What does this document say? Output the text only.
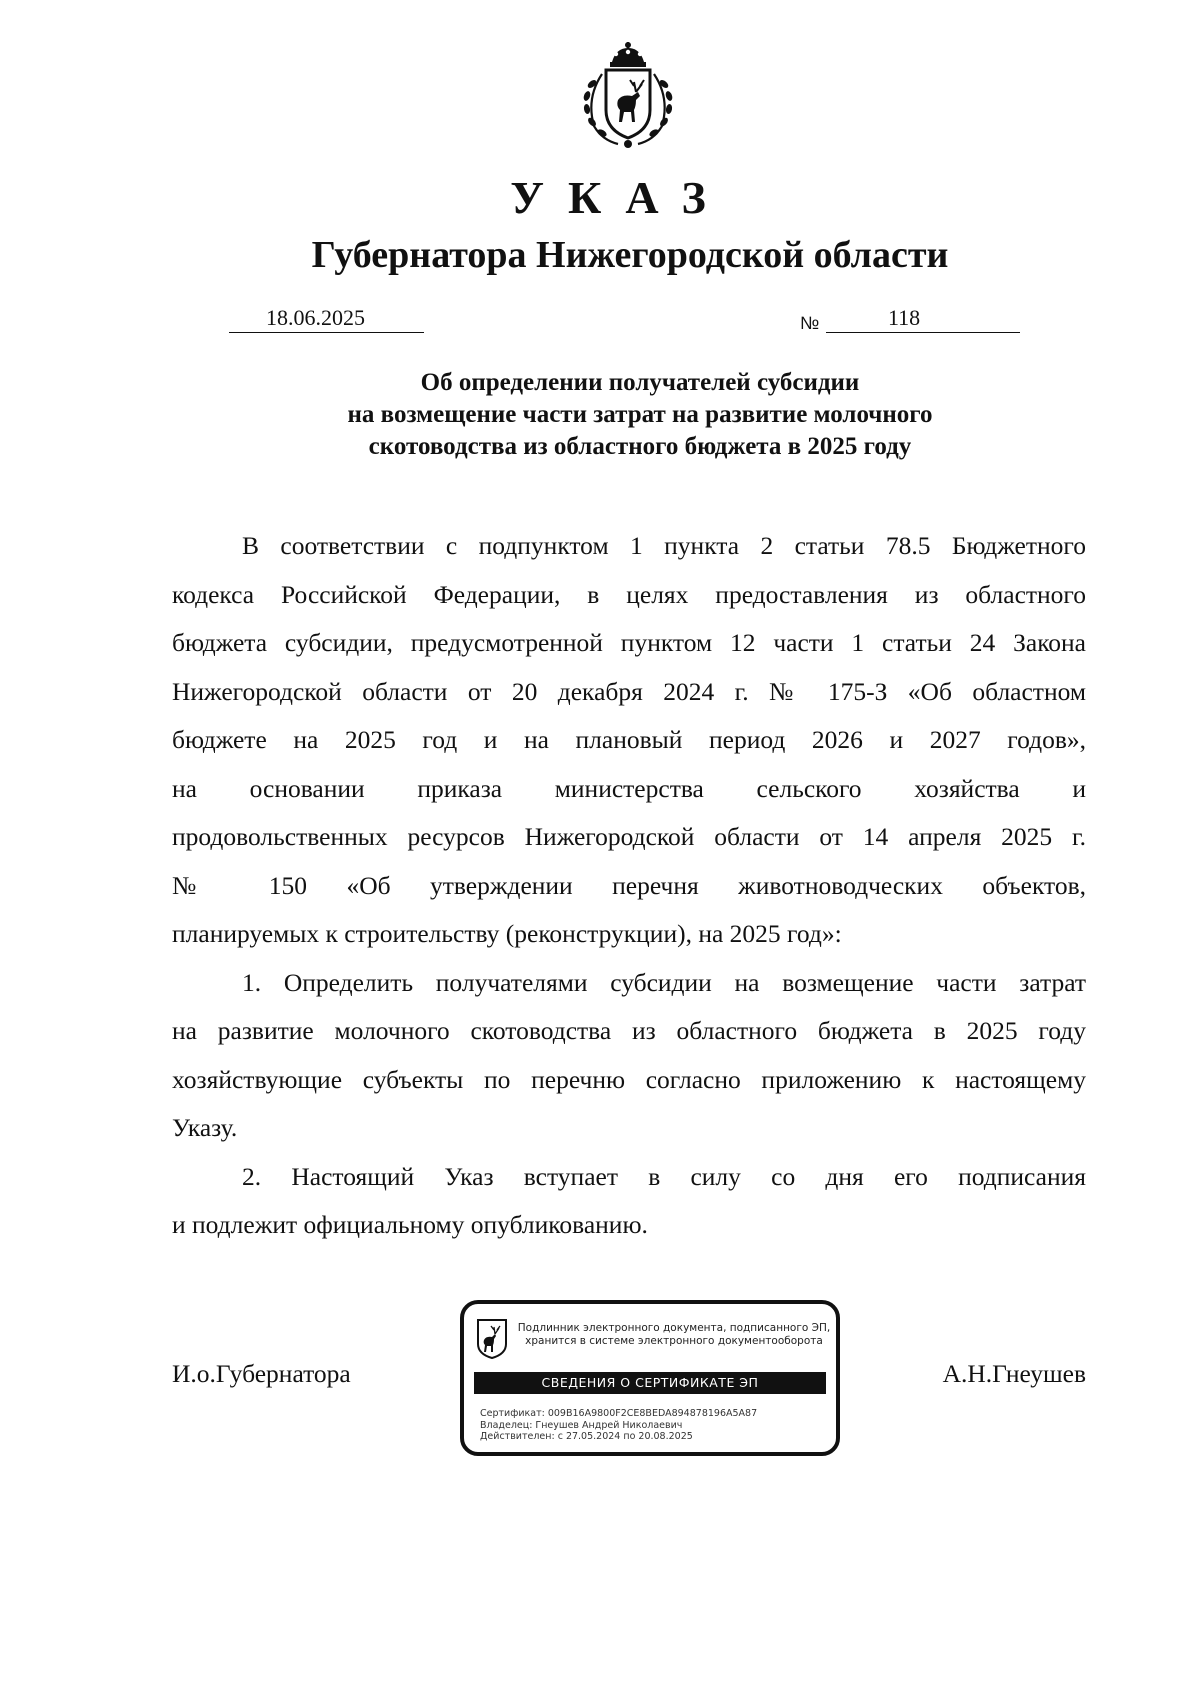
УКАЗ
Губернатора Нижегородской области
18.06.2025	№	118
Об определении получателей субсидии
на возмещение части затрат на развитие молочного
скотоводства из областного бюджета в 2025 году
В соответствии с подпунктом 1 пункта 2 статьи 78.5 Бюджетного
кодекса Российской Федерации, в целях предоставления из областного
бюджета субсидии, предусмотренной пунктом 12 части 1 статьи 24 Закона
Нижегородской области от 20 декабря 2024 г. № 175-З «Об областном
бюджете на 2025 год и на плановый период 2026 и 2027 годов»,
на основании приказа министерства сельского хозяйства и
продовольственных ресурсов Нижегородской области от 14 апреля 2025 г.
№ 150 «Об утверждении перечня животноводческих объектов,
планируемых к строительству (реконструкции), на 2025 год»:
1. Определить получателями субсидии на возмещение части затрат
на развитие молочного скотоводства из областного бюджета в 2025 году
хозяйствующие субъекты по перечню согласно приложению к настоящему
Указу.
2. Настоящий Указ вступает в силу со дня его подписания
и подлежит официальному опубликованию.
И.о.Губернатора
Подлинник электронного документа, подписанного ЭП,
хранится в системе электронного документооборота
СВЕДЕНИЯ О СЕРТИФИКАТЕ ЭП
Сертификат: 009B16A9800F2CE8BEDA894878196A5A87
Владелец: Гнеушев Андрей Николаевич
Действителен: с 27.05.2024 по 20.08.2025
А.Н.Гнеушев
